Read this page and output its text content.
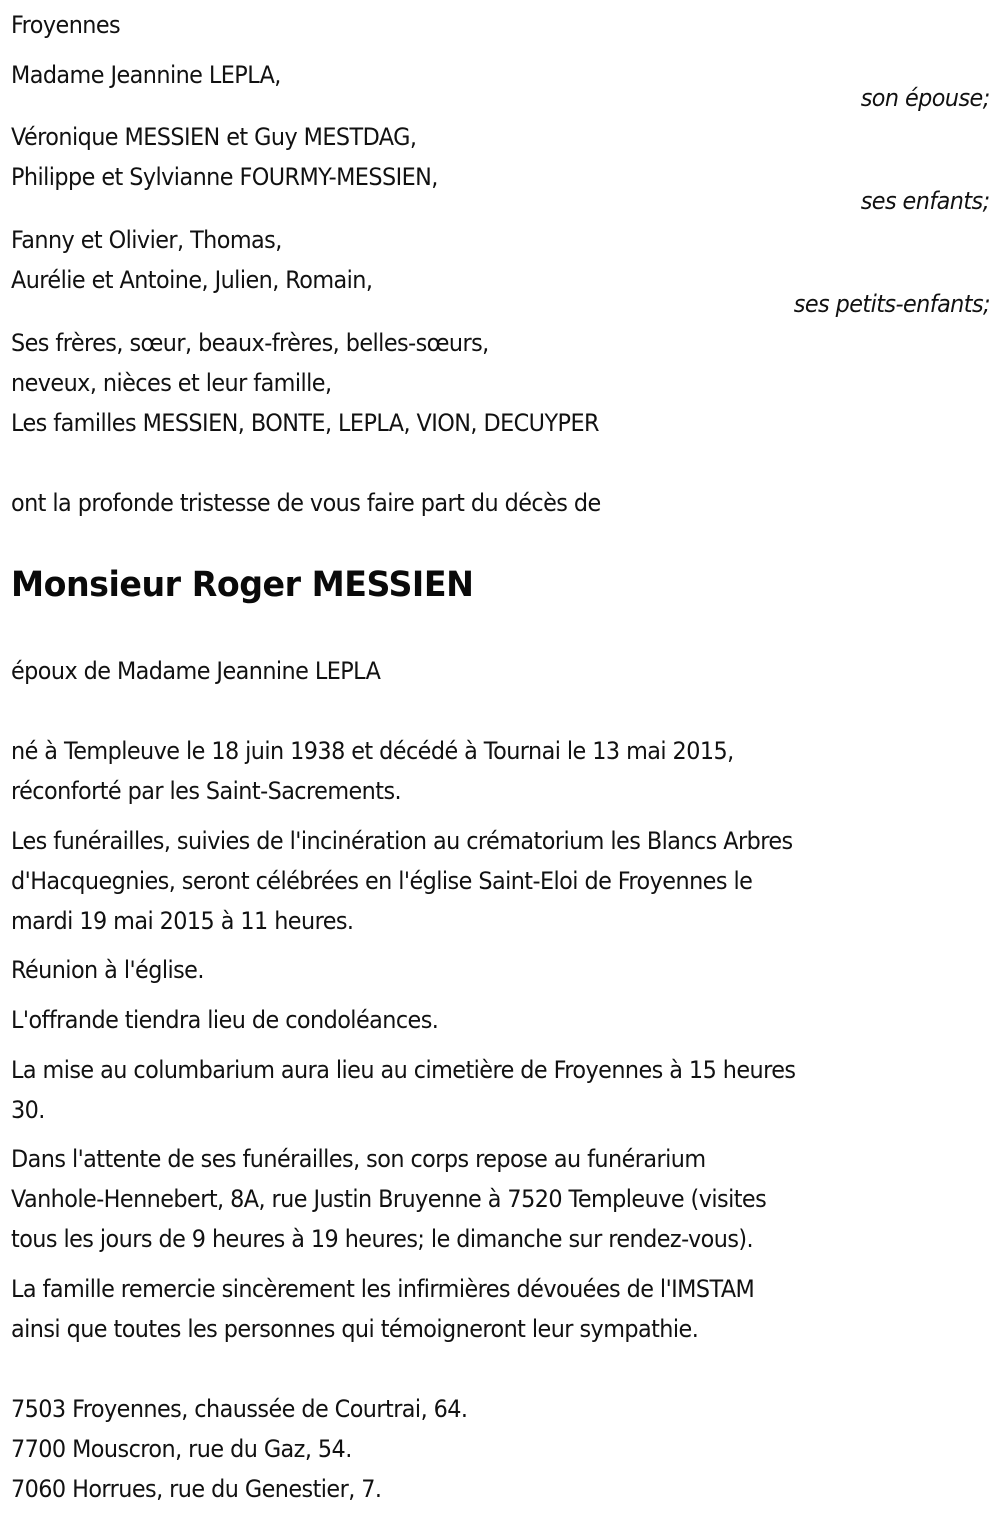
Froyennes
Madame Jeannine LEPLA,
son épouse;
Véronique MESSIEN et Guy MESTDAG,
Philippe et Sylvianne FOURMY-MESSIEN,
ses enfants;
Fanny et Olivier, Thomas,
Aurélie et Antoine, Julien, Romain,
ses petits-enfants;
Ses frères, sœur, beaux-frères, belles-sœurs,
neveux, nièces et leur famille,
Les familles MESSIEN, BONTE, LEPLA, VION, DECUYPER
ont la profonde tristesse de vous faire part du décès de
Monsieur Roger MESSIEN
époux de Madame Jeannine LEPLA
né à Templeuve le 18 juin 1938 et décédé à Tournai le 13 mai 2015,
réconforté par les Saint-Sacrements.
Les funérailles, suivies de l'incinération au crématorium les Blancs Arbres
d'Hacquegnies, seront célébrées en l'église Saint-Eloi de Froyennes le
mardi 19 mai 2015 à 11 heures.
Réunion à l'église.
L'offrande tiendra lieu de condoléances.
La mise au columbarium aura lieu au cimetière de Froyennes à 15 heures
30.
Dans l'attente de ses funérailles, son corps repose au funérarium
Vanhole-Hennebert, 8A, rue Justin Bruyenne à 7520 Templeuve (visites
tous les jours de 9 heures à 19 heures; le dimanche sur rendez-vous).
La famille remercie sincèrement les infirmières dévouées de l'IMSTAM
ainsi que toutes les personnes qui témoigneront leur sympathie.
7503 Froyennes, chaussée de Courtrai, 64.
7700 Mouscron, rue du Gaz, 54.
7060 Horrues, rue du Genestier, 7.
